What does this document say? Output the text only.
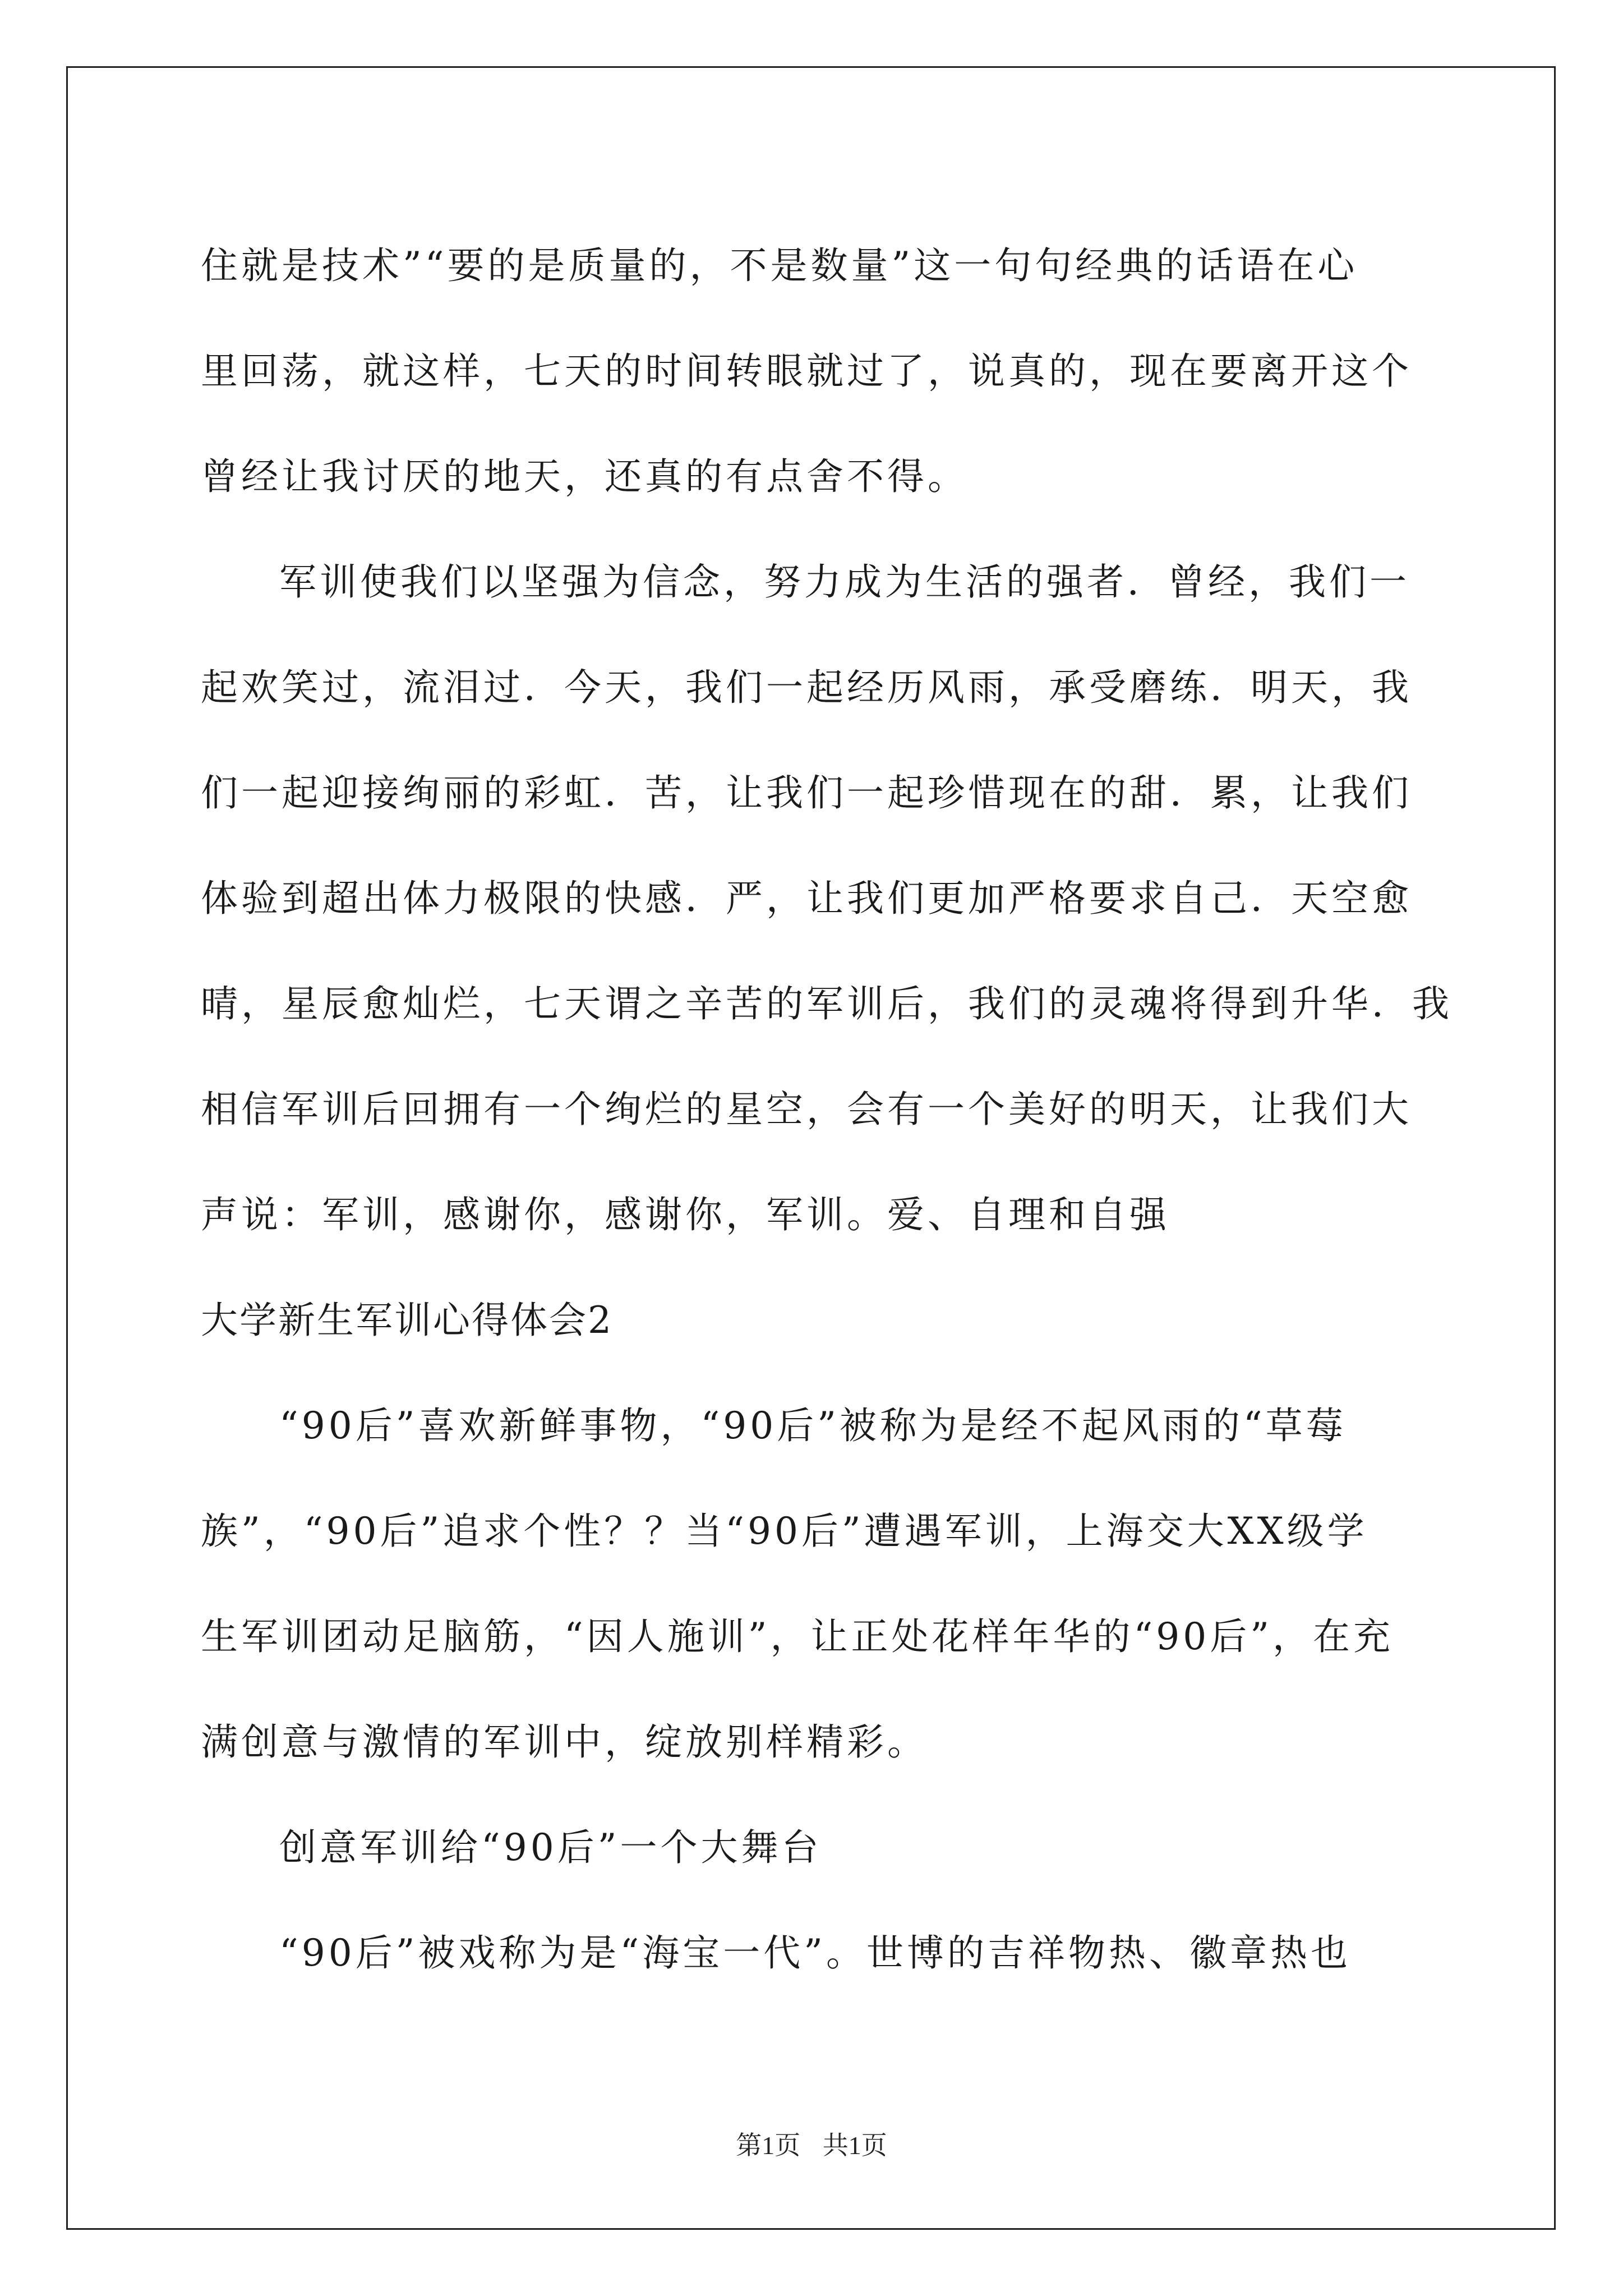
住就是技术”“要的是质量的，不是数量”这一句句经典的话语在心
里回荡，就这样，七天的时间转眼就过了，说真的，现在要离开这个
曾经让我讨厌的地天，还真的有点舍不得。
军训使我们以坚强为信念，努力成为生活的强者．曾经，我们一
起欢笑过，流泪过．今天，我们一起经历风雨，承受磨练．明天，我
们一起迎接绚丽的彩虹．苦，让我们一起珍惜现在的甜．累，让我们
体验到超出体力极限的快感．严，让我们更加严格要求自己．天空愈
晴，星辰愈灿烂，七天谓之辛苦的军训后，我们的灵魂将得到升华．我
相信军训后回拥有一个绚烂的星空，会有一个美好的明天，让我们大
声说：军训，感谢你，感谢你，军训。爱、自理和自强
大学新生军训心得体会2
“90后”喜欢新鲜事物，“90后”被称为是经不起风雨的“草莓
族”，“90后”追求个性？？当“90后”遭遇军训，上海交大XX级学
生军训团动足脑筋，“因人施训”，让正处花样年华的“90后”，在充
满创意与激情的军训中，绽放别样精彩。
创意军训给“90后”一个大舞台
“90后”被戏称为是“海宝一代”。世博的吉祥物热、徽章热也
第1页 共1页
